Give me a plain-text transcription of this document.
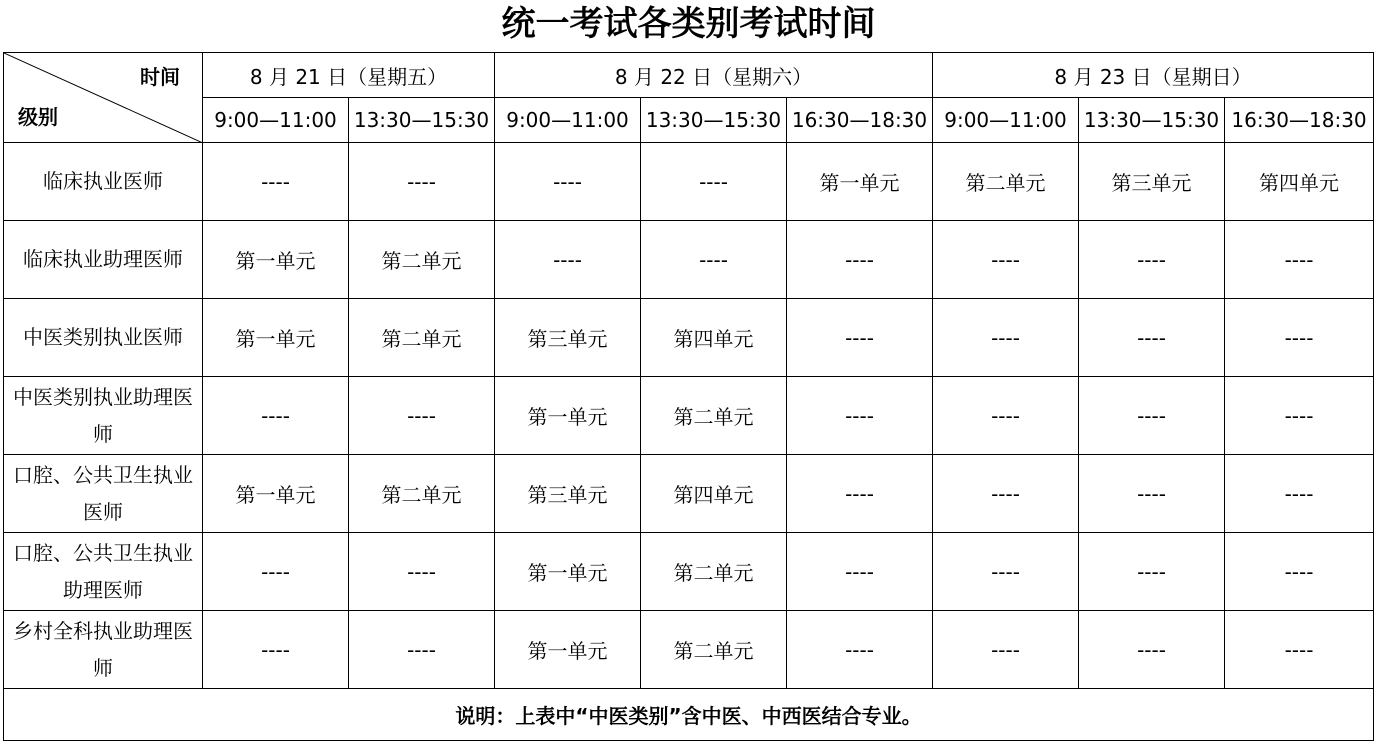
统一考试各类别考试时间
时间
级别	8 月 21 日（星期五）		8 月 22 日（星期六）			8 月 23 日（星期日）		
	9:00—11:00	13:30—15:30	9:00—11:00	13:30—15:30	16:30—18:30	9:00—11:00	13:30—15:30	16:30—18:30
临床执业医师	----	----	----	----	第一单元	第二单元	第三单元	第四单元
临床执业助理医师	第一单元	第二单元	----	----	----	----	----	----
中医类别执业医师	第一单元	第二单元	第三单元	第四单元	----	----	----	----
中医类别执业助理医师	----	----	第一单元	第二单元	----	----	----	----
口腔、公共卫生执业医师	第一单元	第二单元	第三单元	第四单元	----	----	----	----
口腔、公共卫生执业助理医师	----	----	第一单元	第二单元	----	----	----	----
乡村全科执业助理医师	----	----	第一单元	第二单元	----	----	----	----
说明：上表中“中医类别”含中医、中西医结合专业。								
